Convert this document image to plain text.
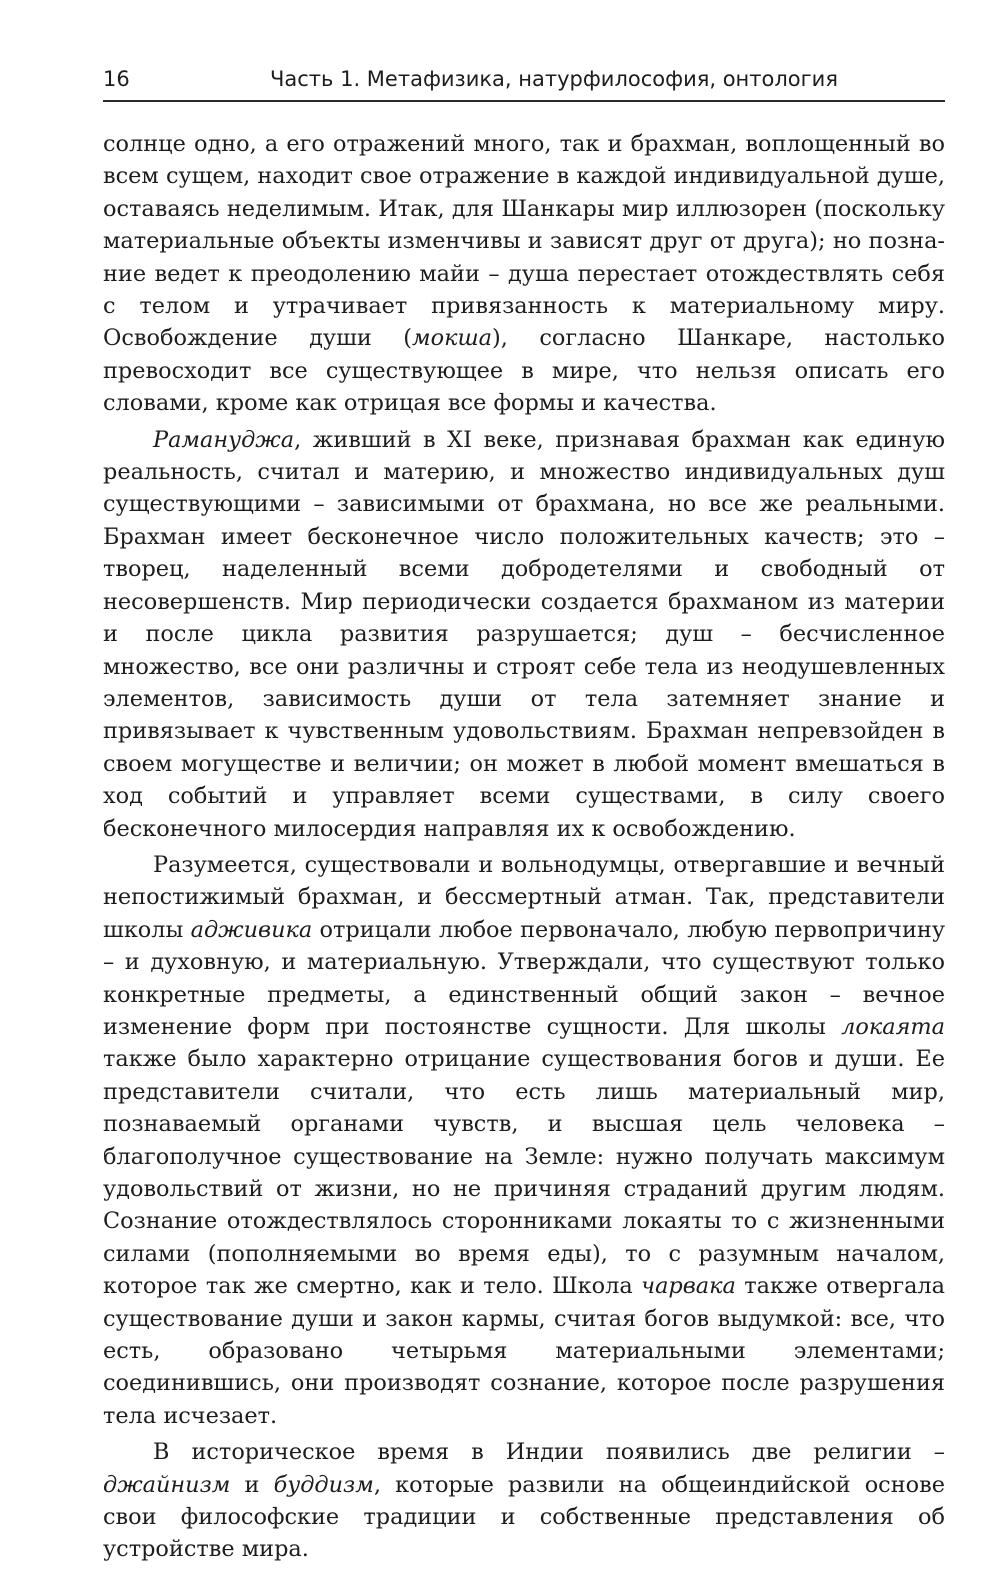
16	Часть 1. Метафизика, натурфилософия, онтология

солнце одно, а его отражений много, так и брахман, воплощенный во всем сущем, находит свое отражение в каждой индивидуальной душе, оставаясь неделимым. Итак, для Шанкары мир иллюзорен (поскольку материальные объекты изменчивы и зависят друг от друга); но познание ведет к преодолению майи – душа перестает отождествлять себя с телом и утрачивает привязанность к материальному миру. Освобождение души (мокша), согласно Шанкаре, настолько превосходит все существующее в мире, что нельзя описать его словами, кроме как отрицая все формы и качества.

Рамануджа, живший в XI веке, признавая брахман как единую реальность, считал и материю, и множество индивидуальных душ существующими – зависимыми от брахмана, но все же реальными. Брахман имеет бесконечное число положительных качеств; это – творец, наделенный всеми добродетелями и свободный от несовершенств. Мир периодически создается брахманом из материи и после цикла развития разрушается; душ – бесчисленное множество, все они различны и строят себе тела из неодушевленных элементов, зависимость души от тела затемняет знание и привязывает к чувственным удовольствиям. Брахман непревзойден в своем могуществе и величии; он может в любой момент вмешаться в ход событий и управляет всеми существами, в силу своего бесконечного милосердия направляя их к освобождению.

Разумеется, существовали и вольнодумцы, отвергавшие и вечный непостижимый брахман, и бессмертный атман. Так, представители школы адживика отрицали любое первоначало, любую первопричину – и духовную, и материальную. Утверждали, что существуют только конкретные предметы, а единственный общий закон – вечное изменение форм при постоянстве сущности. Для школы локаята также было характерно отрицание существования богов и души. Ее представители считали, что есть лишь материальный мир, познаваемый органами чувств, и высшая цель человека – благополучное существование на Земле: нужно получать максимум удовольствий от жизни, но не причиняя страданий другим людям. Сознание отождествлялось сторонниками локаяты то с жизненными силами (пополняемыми во время еды), то с разумным началом, которое так же смертно, как и тело. Школа чарвака также отвергала существование души и закон кармы, считая богов выдумкой: все, что есть, образовано четырьмя материальными элементами; соединившись, они производят сознание, которое после разрушения тела исчезает.

В историческое время в Индии появились две религии – джайнизм и буддизм, которые развили на общеиндийской основе свои философские традиции и собственные представления об устройстве мира.
